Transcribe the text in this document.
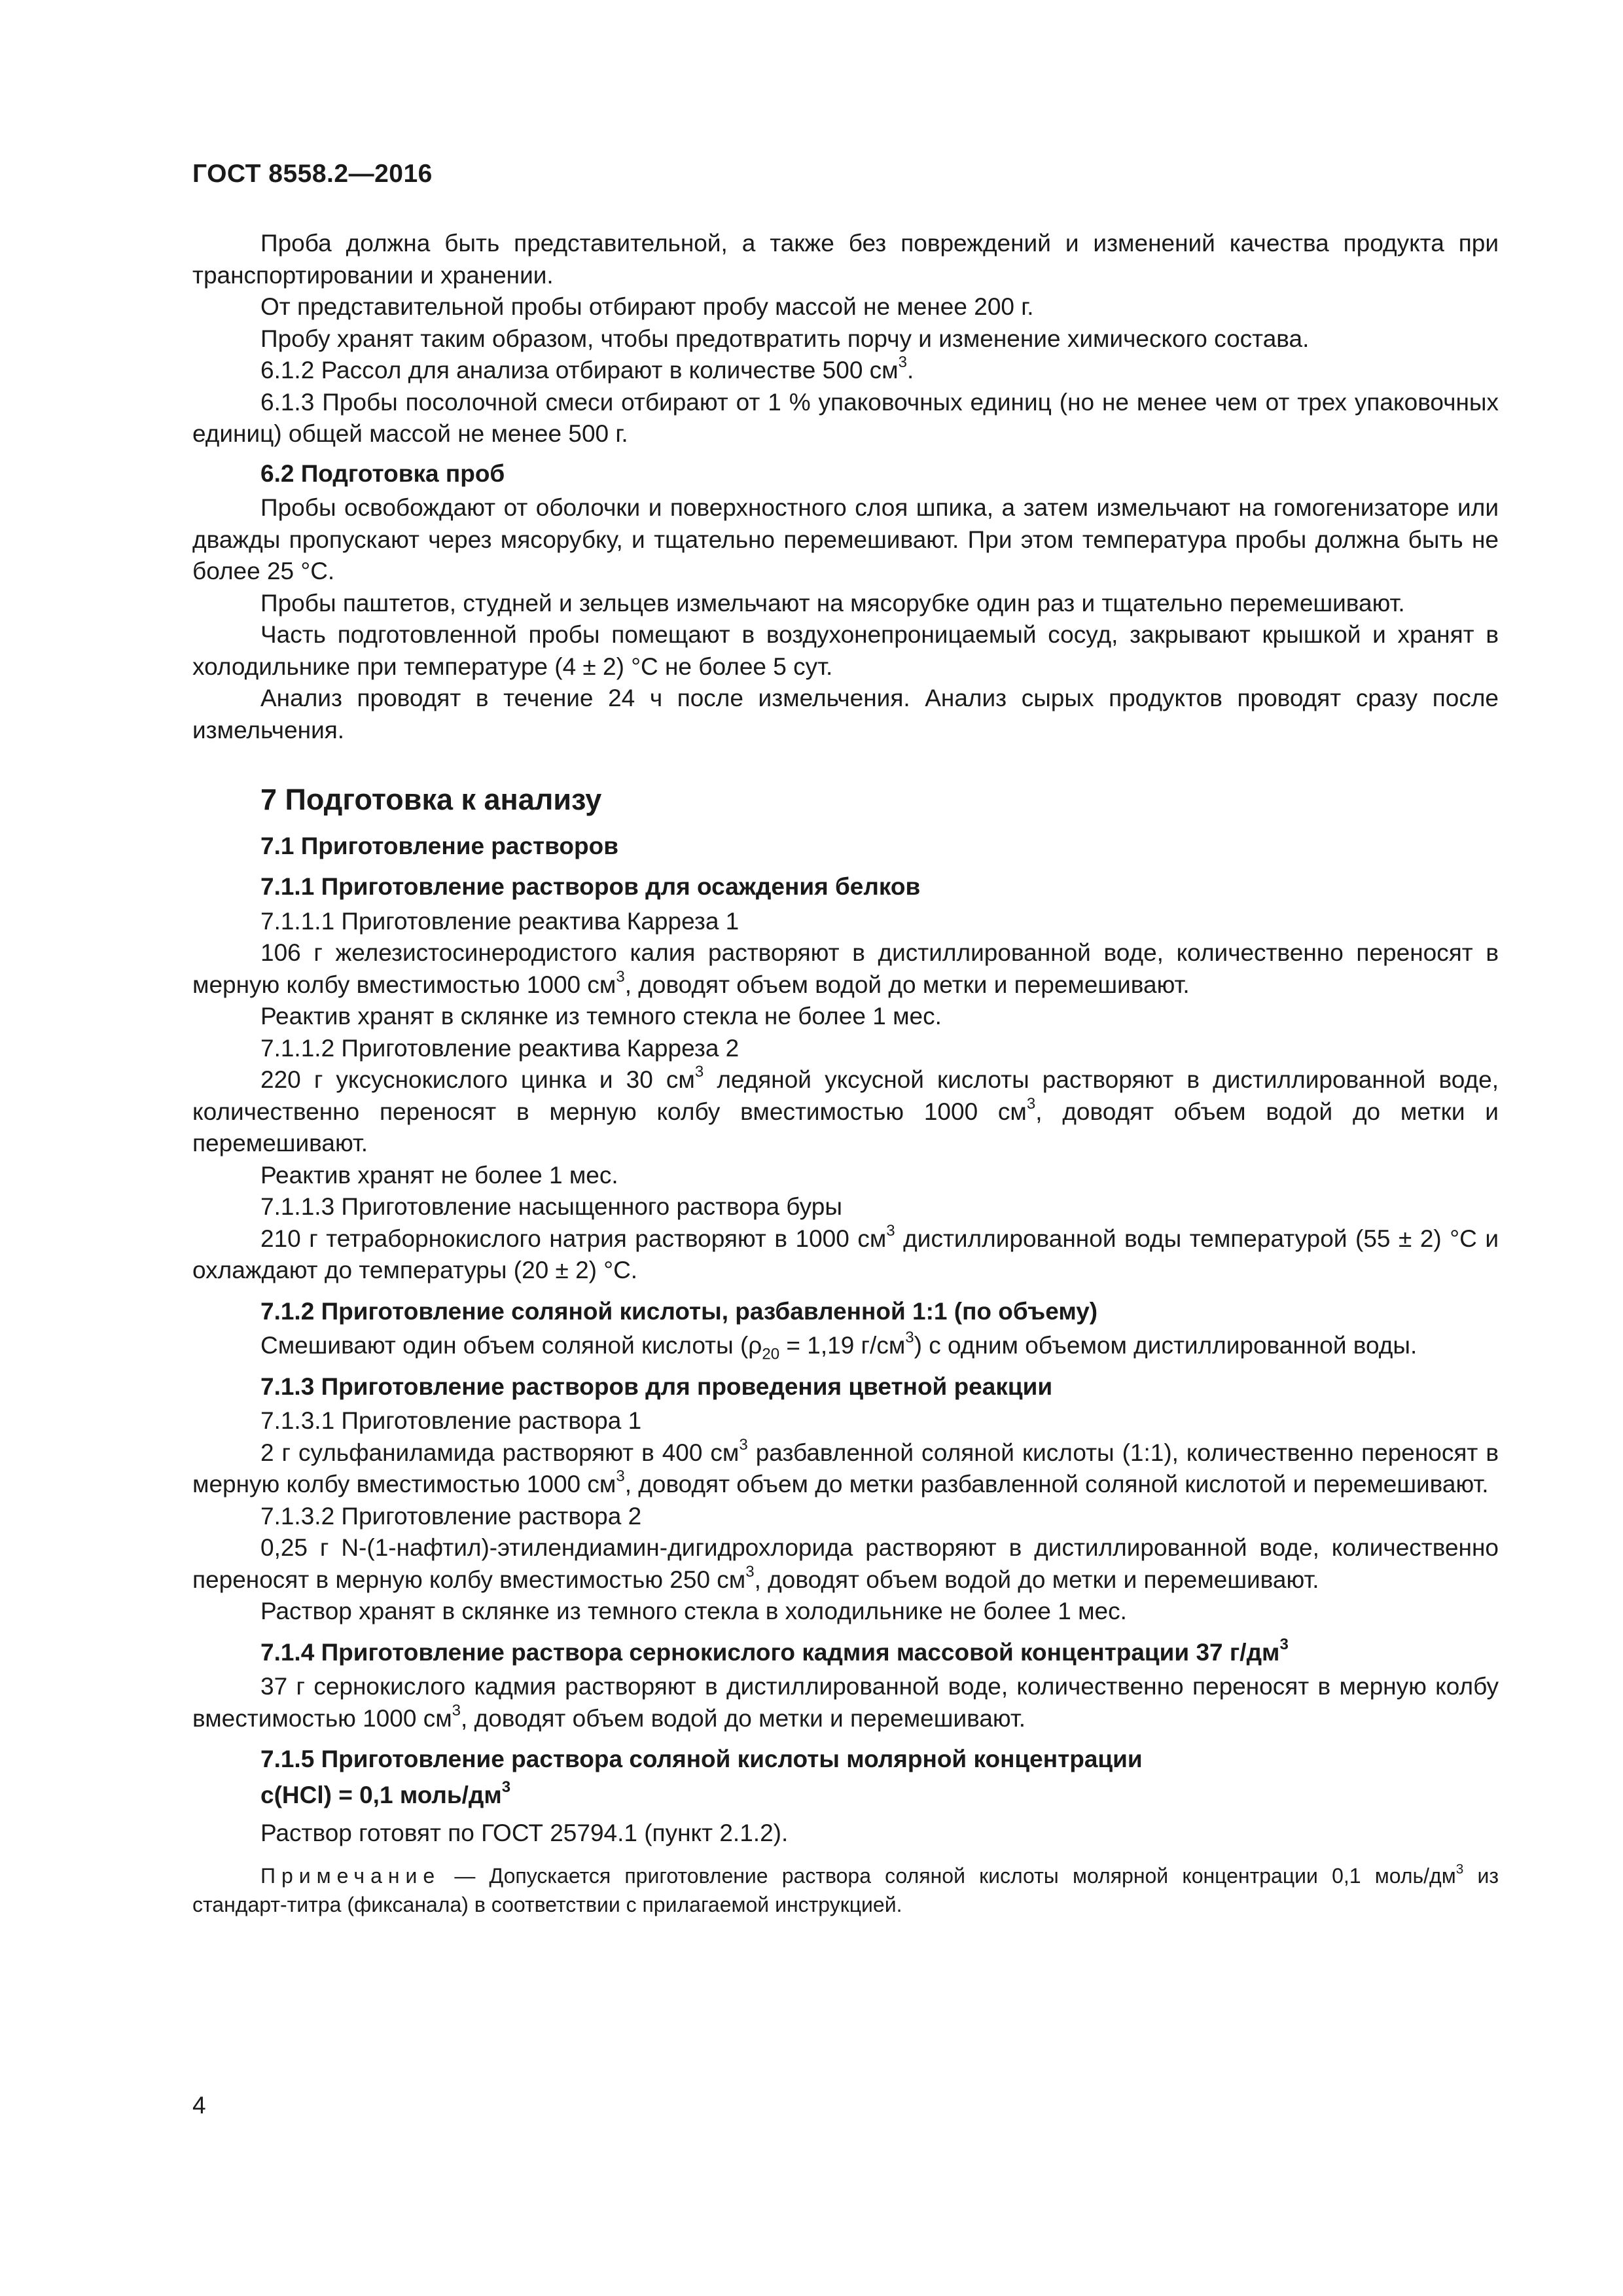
ГОСТ 8558.2—2016

Проба должна быть представительной, а также без повреждений и изменений качества продукта при транспортировании и хранении.

От представительной пробы отбирают пробу массой не менее 200 г.

Пробу хранят таким образом, чтобы предотвратить порчу и изменение химического состава.

6.1.2 Рассол для анализа отбирают в количестве 500 $см^3$.

6.1.3 Пробы посолочной смеси отбирают от 1 % упаковочных единиц (но не менее чем от трех упаковочных единиц) общей массой не менее 500 г.

6.2 Подготовка проб

Пробы освобождают от оболочки и поверхностного слоя шпика, а затем измельчают на гомогенизаторе или дважды пропускают через мясорубку, и тщательно перемешивают. При этом температура пробы должна быть не более 25 °С.

Пробы паштетов, студней и зельцев измельчают на мясорубке один раз и тщательно перемешивают.

Часть подготовленной пробы помещают в воздухонепроницаемый сосуд, закрывают крышкой и хранят в холодильнике при температуре (4 ± 2) °С не более 5 сут.

Анализ проводят в течение 24 ч после измельчения. Анализ сырых продуктов проводят сразу после измельчения.

7 Подготовка к анализу

7.1 Приготовление растворов

7.1.1 Приготовление растворов для осаждения белков

7.1.1.1 Приготовление реактива Карреза 1

106 г железистосинеродистого калия растворяют в дистиллированной воде, количественно переносят в мерную колбу вместимостью 1000 $см^3$, доводят объем водой до метки и перемешивают.

Реактив хранят в склянке из темного стекла не более 1 мес.

7.1.1.2 Приготовление реактива Карреза 2

220 г уксуснокислого цинка и 30 $см^3$ ледяной уксусной кислоты растворяют в дистиллированной воде, количественно переносят в мерную колбу вместимостью 1000 $см^3$, доводят объем водой до метки и перемешивают.

Реактив хранят не более 1 мес.

7.1.1.3 Приготовление насыщенного раствора буры

210 г тетраборнокислого натрия растворяют в 1000 $см^3$ дистиллированной воды температурой (55 ± 2) °С и охлаждают до температуры (20 ± 2) °С.

7.1.2 Приготовление соляной кислоты, разбавленной 1:1 (по объему)

Смешивают один объем соляной кислоты ($\rho_{20} = 1,19$ $г/см^3$) с одним объемом дистиллированной воды.

7.1.3 Приготовление растворов для проведения цветной реакции

7.1.3.1 Приготовление раствора 1

2 г сульфаниламида растворяют в 400 $см^3$ разбавленной соляной кислоты (1:1), количественно переносят в мерную колбу вместимостью 1000 $см^3$, доводят объем до метки разбавленной соляной кислотой и перемешивают.

7.1.3.2 Приготовление раствора 2

0,25 г N-(1-нафтил)-этилендиамин-дигидрохлорида растворяют в дистиллированной воде, количественно переносят в мерную колбу вместимостью 250 $см^3$, доводят объем водой до метки и перемешивают.

Раствор хранят в склянке из темного стекла в холодильнике не более 1 мес.

7.1.4 Приготовление раствора сернокислого кадмия массовой концентрации 37 $г/дм^3$

37 г сернокислого кадмия растворяют в дистиллированной воде, количественно переносят в мерную колбу вместимостью 1000 $см^3$, доводят объем водой до метки и перемешивают.

7.1.5 Приготовление раствора соляной кислоты молярной концентрации

c(HCl) = 0,1 моль/$дм^3$

Раствор готовят по ГОСТ 25794.1 (пункт 2.1.2).

Примечание — Допускается приготовление раствора соляной кислоты молярной концентрации 0,1 моль/$дм^3$ из стандарт-титра (фиксанала) в соответствии с прилагаемой инструкцией.

4
